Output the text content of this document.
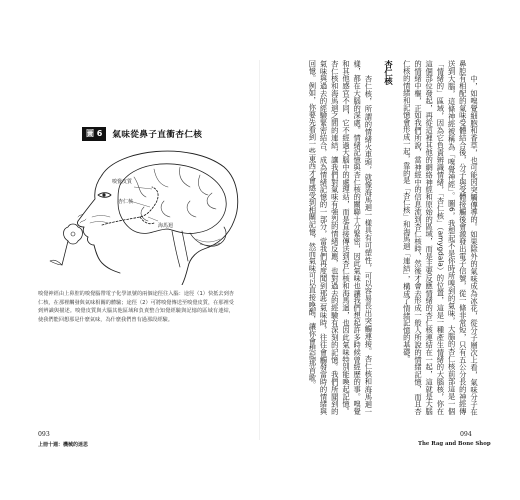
圖 6	氣味從鼻子直衝杏仁核
嗅覺皮質
杏仁核
海馬迴
嗅覺神經由上鼻腔的嗅覺腦帶電子化學訊號的兩個途徑往入腦：途徑（1）快抵去到杏仁核，在那裡觸發與氣味相關的體驗；途徑（2）可將嗅覺傳送至嗅覺皮質，在那裡受到辨識與描述。嗅覺皮質與大腦其他區域和負責整合知覺經驗與記憶的區域有連結，使我們能回想那是什麼氣味，為什麼我們曾有過那段經驗。
093
上冊十週：機械的迷思

中，如嗅覺細胞和香草，也可能因突觸傳導的。如果除外的氣味成為冰花，從分子層次上看，氣味分子在鼻腔有相配的氣味受體結合後，分子與受體接觸後會激發出電子信號，從一條非常短，只有五公分長的神經傳送到大腦，這條神經被稱為「嗅覺神經」。圖6，我想起不是你時所嗅到的氣味，大腦的杏仁核前部這是一個「情緒的」區域，因為它負責辨識情緒，「杏仁核」（amygdala）的位置，這是一種產生情緒的大腦核，你在這個部位發起，再從這裡其他的網絡神經和原始的區域，而是主要反應情緒的杏仁核連結在一起，這就是大腦的情緒中樞，正如我們所說，當神經中的信息流到杏仁核時，然後才會去形成一般人所說的情緒記憶，而且杏仁核的情緒和記憶會形成一起，靠的是「杏仁核」和海馬迴「連結」，構成了情緒記憶的基礎。

杏仁核

杏仁核，所謂的情緒火車頭，就像海馬迴一樣具有可塑性，可以容易長出突觸連接。杏仁核和海馬迴一樣，都在大腦的深處。情緒記憶與杏仁核的關聯十分緊密，因此氣味也讓我們想起許多時候曾經歷的事。嗅覺和其他感官不同，它不經過大腦中的處理站，而是直接傳送到杏仁核和海馬迴，也因此氣味特別能喚起記憶。杏仁核和海馬迴之間的連結，讓我們對氣味有強烈的情緒反應，也對過去的經驗有深刻的記憶。我們所聞到的氣味與過去的經驗緊密結合，成為情緒記憶的一部分，當我們再度聞到那些氣味時，往往會觸發當時的情緒與回憶。例如，你要先看到一些東西才會感受到相關記憶，然而氣味可以直接喚醒，讓你會想起那首歌。

094
The Rag and Bone Shop
